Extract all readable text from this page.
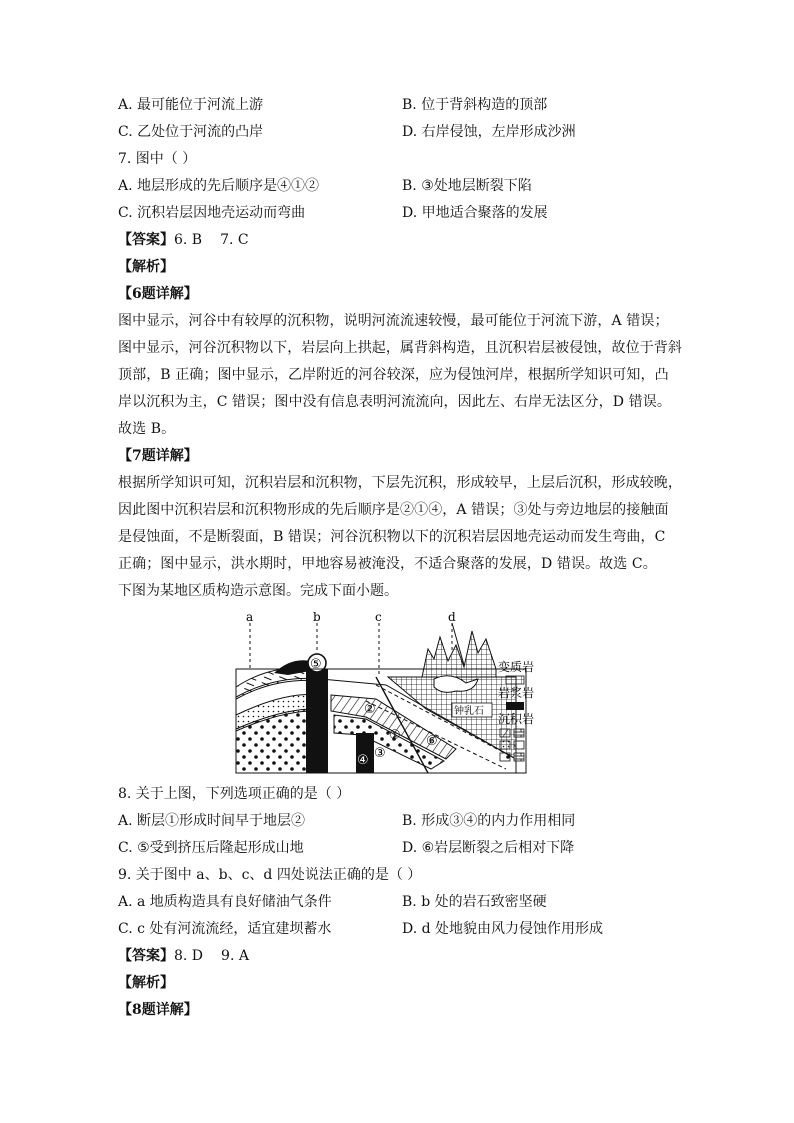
A. 最可能位于河流上游	B. 位于背斜构造的顶部
C. 乙处位于河流的凸岸	D. 右岸侵蚀，左岸形成沙洲
7. 图中（ ）
A. 地层形成的先后顺序是④①②	B. ③处地层断裂下陷
C. 沉积岩层因地壳运动而弯曲	D. 甲地适合聚落的发展
【答案】6. B 7. C
【解析】
【6题详解】
图中显示，河谷中有较厚的沉积物，说明河流流速较慢，最可能位于河流下游，A 错误；
图中显示，河谷沉积物以下，岩层向上拱起，属背斜构造，且沉积岩层被侵蚀，故位于背斜
顶部，B 正确；图中显示，乙岸附近的河谷较深，应为侵蚀河岸，根据所学知识可知，凸
岸以沉积为主，C 错误；图中没有信息表明河流流向，因此左、右岸无法区分，D 错误。
故选 B。
【7题详解】
根据所学知识可知，沉积岩层和沉积物，下层先沉积，形成较早，上层后沉积，形成较晚，
因此图中沉积岩层和沉积物形成的先后顺序是②①④，A 错误；③处与旁边地层的接触面
是侵蚀面，不是断裂面，B 错误；河谷沉积物以下的沉积岩层因地壳运动而发生弯曲，C
正确；图中显示，洪水期时，甲地容易被淹没，不适合聚落的发展，D 错误。故选 C。
下图为某地区质构造示意图。完成下面小题。
a	b	c	d
⑤
②
① ⑥
④ ③
钟乳石
变质岩
岩浆岩
沉积岩
8. 关于上图，下列选项正确的是（ ）
A. 断层①形成时间早于地层②	B. 形成③④的内力作用相同
C. ⑤受到挤压后隆起形成山地	D. ⑥岩层断裂之后相对下降
9. 关于图中 a、b、c、d 四处说法正确的是（ ）
A. a 地质构造具有良好储油气条件	B. b 处的岩石致密坚硬
C. c 处有河流流经，适宜建坝蓄水	D. d 处地貌由风力侵蚀作用形成
【答案】8. D 9. A
【解析】
【8题详解】
